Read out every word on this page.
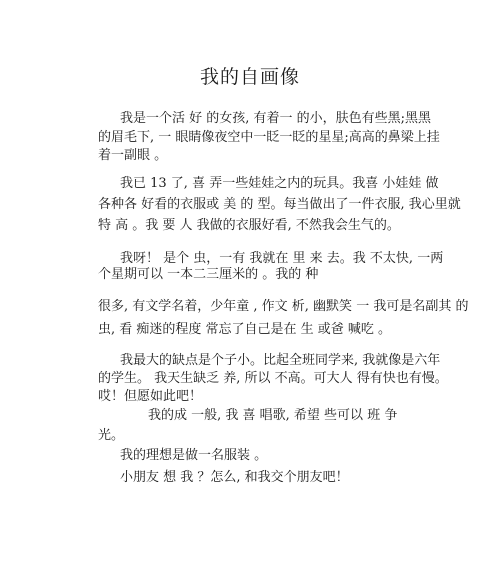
我的自画像
我是一个活 好 的女孩, 有着一 的小，肤色有些黑;黑黑
的眉毛下, 一 眼睛像夜空中一眨一眨的星星;高高的鼻梁上挂
着一副眼 。
我已 13 了, 喜 弄一些娃娃之内的玩具。我喜 小娃娃 做
各种各 好看的衣服或 美 的 型。每当做出了一件衣服, 我心里就
特 高 。我 要 人 我做的衣服好看, 不然我会生气的。
我呀！ 是个 虫，一有 我就在 里 来 去。我 不太快, 一两
个星期可以 一本二三厘米的 。我的 种
很多, 有文学名着，少年童 , 作文 析, 幽默笑 一 我可是名副其 的
虫, 看 痴迷的程度 常忘了自己是在 生 或爸 喊吃 。
我最大的缺点是个子小。比起全班同学来, 我就像是六年
的学生。 我天生缺乏 养, 所以 不高。可大人 得有快也有慢。
哎！但愿如此吧！
我的成 一般, 我 喜 唱歌, 希望 些可以 班 争
光。
我的理想是做一名服装 。
小朋友 想 我 ？怎么, 和我交个朋友吧！
